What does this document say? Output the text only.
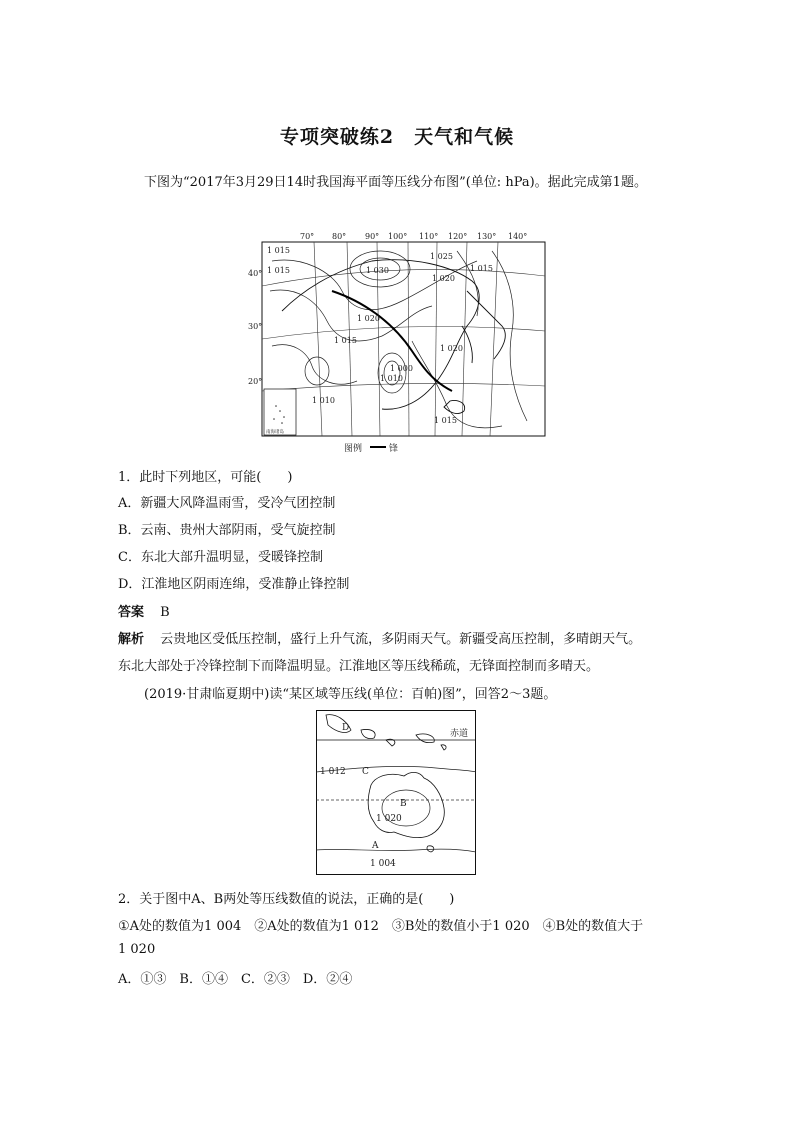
专项突破练2　天气和气候
下图为“2017年3月29日14时我国海平面等压线分布图”(单位: hPa)。据此完成第1题。
70° 80° 90° 100° 110° 120° 130° 140°
40°
30°
20°
1 015
1 015	1 030
1 025
1 020
1 015
1 020
1 015
1 020
1 010
1 010
1 000
1 015
南海诸岛
图例	锋
1．此时下列地区，可能(　　)
A．新疆大风降温雨雪，受冷气团控制
B．云南、贵州大部阴雨，受气旋控制
C．东北大部升温明显，受暖锋控制
D．江淮地区阴雨连绵，受准静止锋控制
答案 B
解析 云贵地区受低压控制，盛行上升气流，多阴雨天气。新疆受高压控制，多晴朗天气。
东北大部处于冷锋控制下而降温明显。江淮地区等压线稀疏，无锋面控制而多晴天。
(2019·甘肃临夏期中)读“某区域等压线(单位：百帕)图”，回答2～3题。
D
赤道
1 012 C
B
1 020
A
1 004
2．关于图中A、B两处等压线数值的说法，正确的是(　　)
①A处的数值为1 004　②A处的数值为1 012　③B处的数值小于1 020　④B处的数值大于
1 020
A．①③　B．①④　C．②③　D．②④
